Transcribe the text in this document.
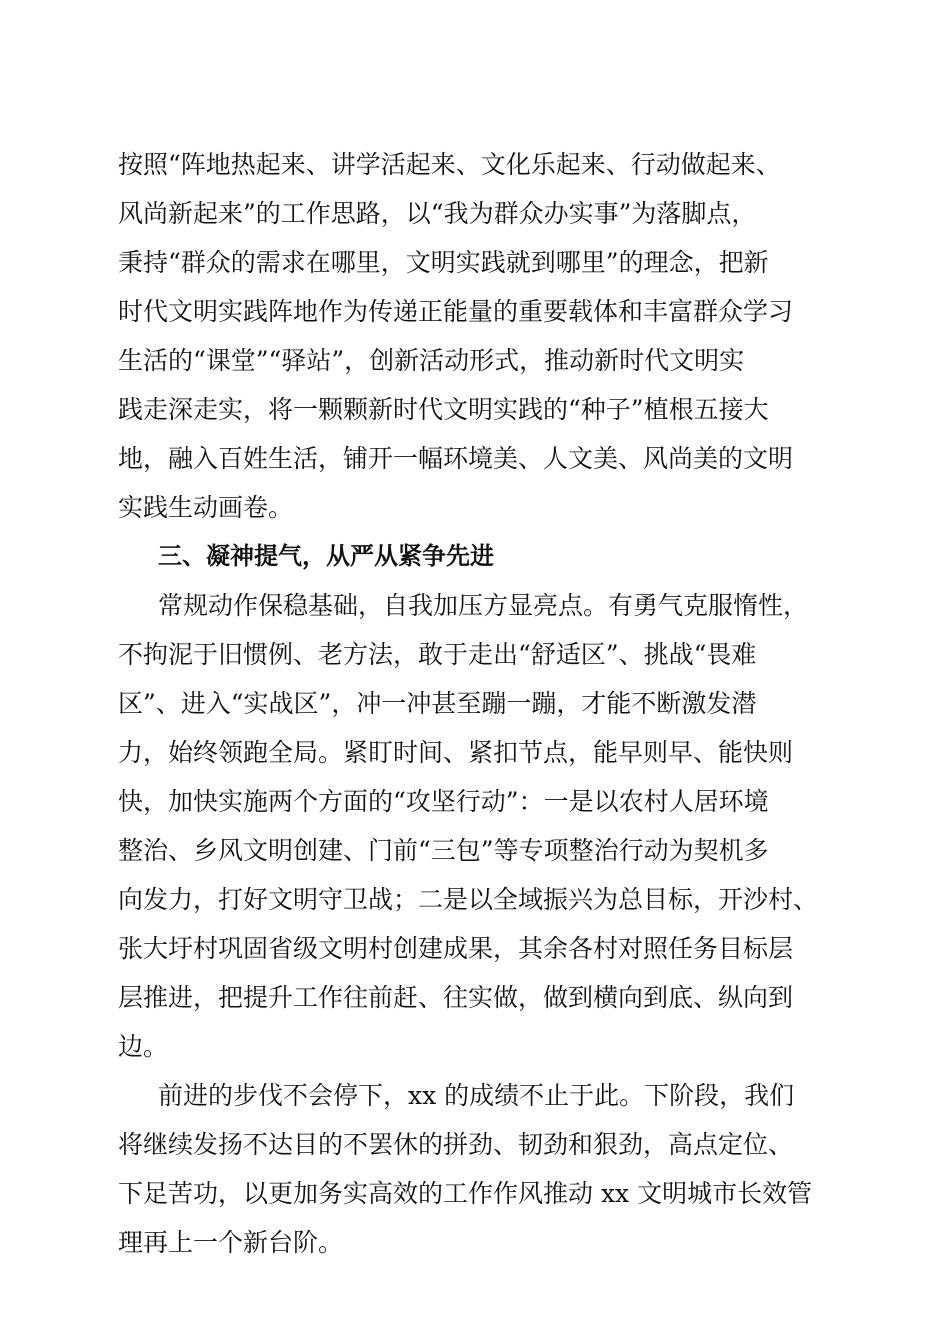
按照“阵地热起来、讲学活起来、文化乐起来、行动做起来、
风尚新起来”的工作思路，以“我为群众办实事”为落脚点，
秉持“群众的需求在哪里，文明实践就到哪里”的理念，把新
时代文明实践阵地作为传递正能量的重要载体和丰富群众学习
生活的“课堂”“驿站”，创新活动形式，推动新时代文明实
践走深走实，将一颗颗新时代文明实践的“种子”植根五接大
地，融入百姓生活，铺开一幅环境美、人文美、风尚美的文明
实践生动画卷。
三、凝神提气，从严从紧争先进
常规动作保稳基础，自我加压方显亮点。有勇气克服惰性，
不拘泥于旧惯例、老方法，敢于走出“舒适区”、挑战“畏难
区”、进入“实战区”，冲一冲甚至蹦一蹦，才能不断激发潜
力，始终领跑全局。紧盯时间、紧扣节点，能早则早、能快则
快，加快实施两个方面的“攻坚行动”：一是以农村人居环境
整治、乡风文明创建、门前“三包”等专项整治行动为契机多
向发力，打好文明守卫战；二是以全域振兴为总目标，开沙村、
张大圩村巩固省级文明村创建成果，其余各村对照任务目标层
层推进，把提升工作往前赶、往实做，做到横向到底、纵向到
边。
前进的步伐不会停下，xx 的成绩不止于此。下阶段，我们
将继续发扬不达目的不罢休的拼劲、韧劲和狠劲，高点定位、
下足苦功，以更加务实高效的工作作风推动 xx 文明城市长效管
理再上一个新台阶。
